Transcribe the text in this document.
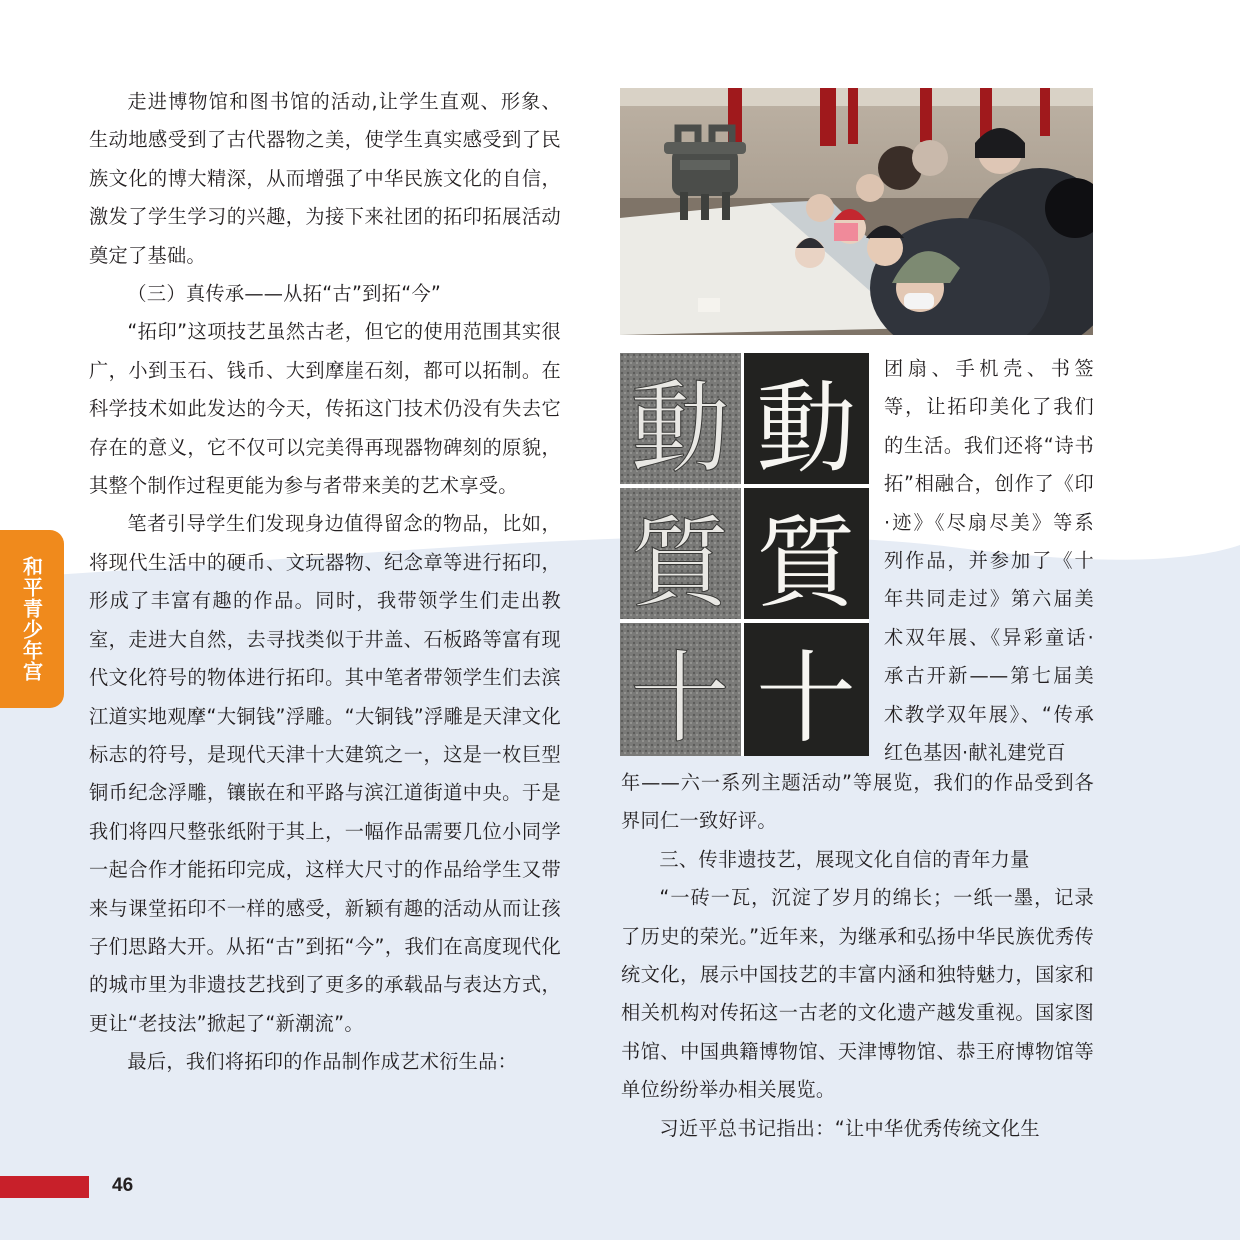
和平青少年宫

走进博物馆和图书馆的活动,让学生直观、形象、生动地感受到了古代器物之美，使学生真实感受到了民族文化的博大精深，从而增强了中华民族文化的自信，激发了学生学习的兴趣，为接下来社团的拓印拓展活动奠定了基础。

（三）真传承——从拓“古”到拓“今”

“拓印”这项技艺虽然古老，但它的使用范围其实很广，小到玉石、钱币、大到摩崖石刻，都可以拓制。在科学技术如此发达的今天，传拓这门技术仍没有失去它存在的意义，它不仅可以完美得再现器物碑刻的原貌，其整个制作过程更能为参与者带来美的艺术享受。

笔者引导学生们发现身边值得留念的物品，比如，将现代生活中的硬币、文玩器物、纪念章等进行拓印，形成了丰富有趣的作品。同时，我带领学生们走出教室，走进大自然，去寻找类似于井盖、石板路等富有现代文化符号的物体进行拓印。其中笔者带领学生们去滨江道实地观摩“大铜钱”浮雕。“大铜钱”浮雕是天津文化标志的符号，是现代天津十大建筑之一，这是一枚巨型铜币纪念浮雕，镶嵌在和平路与滨江道街道中央。于是我们将四尺整张纸附于其上，一幅作品需要几位小同学一起合作才能拓印完成，这样大尺寸的作品给学生又带来与课堂拓印不一样的感受，新颖有趣的活动从而让孩子们思路大开。从拓“古”到拓“今”，我们在高度现代化的城市里为非遗技艺找到了更多的承载品与表达方式，更让“老技法”掀起了“新潮流”。

最后，我们将拓印的作品制作成艺术衍生品：

動 動
質 質
十 十

团扇、手机壳、书签等，让拓印美化了我们的生活。我们还将“诗书拓”相融合，创作了《印·迹》《尽扇尽美》等系列作品，并参加了《十年共同走过》第六届美术双年展、《异彩童话·承古开新——第七届美术教学双年展》、“传承红色基因·献礼建党百

年——六一系列主题活动”等展览，我们的作品受到各界同仁一致好评。

三、传非遗技艺，展现文化自信的青年力量

“一砖一瓦，沉淀了岁月的绵长；一纸一墨，记录了历史的荣光。”近年来，为继承和弘扬中华民族优秀传统文化，展示中国技艺的丰富内涵和独特魅力，国家和相关机构对传拓这一古老的文化遗产越发重视。国家图书馆、中国典籍博物馆、天津博物馆、恭王府博物馆等单位纷纷举办相关展览。

习近平总书记指出：“让中华优秀传统文化生

46
